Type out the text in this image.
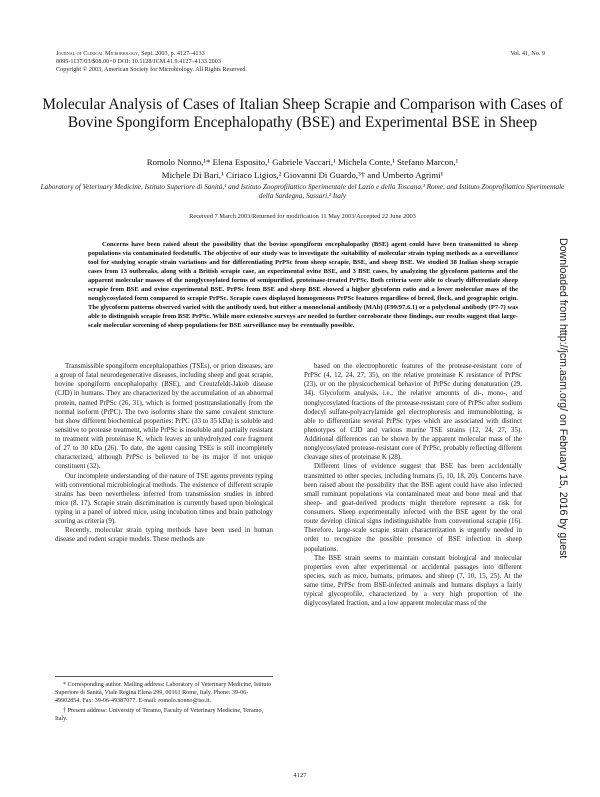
Journal of Clinical Microbiology, Sept. 2003, p. 4127–4133
0095-1137/03/$08.00+0 DOI: 10.1128/JCM.41.9.4127–4133.2003
Copyright © 2003, American Society for Microbiology. All Rights Reserved.
Vol. 41, No. 9
Molecular Analysis of Cases of Italian Sheep Scrapie and Comparison with Cases of Bovine Spongiform Encephalopathy (BSE) and Experimental BSE in Sheep
Romolo Nonno,¹* Elena Esposito,¹ Gabriele Vaccari,¹ Michela Conte,¹ Stefano Marcon,¹
Michele Di Bari,¹ Ciriaco Ligios,² Giovanni Di Guardo,³† and Umberto Agrimi¹
Laboratory of Veterinary Medicine, Istituto Superiore di Sanità,¹ and Istituto Zooprofilattico Sperimentale del Lazio e della Toscana,³ Rome, and Istituto Zooprofilattico Sperimentale della Sardegna, Sassari,² Italy
Received 7 March 2003/Returned for modification 11 May 2003/Accepted 22 June 2003

Concerns have been raised about the possibility that the bovine spongiform encephalopathy (BSE) agent could have been transmitted to sheep populations via contaminated feedstuffs. The objective of our study was to investigate the suitability of molecular strain typing methods as a surveillance tool for studying scrapie strain variations and for differentiating PrPSc from sheep scrapie, BSE, and sheep BSE. We studied 38 Italian sheep scrapie cases from 13 outbreaks, along with a British scrapie case, an experimental ovine BSE, and 3 BSE cases, by analyzing the glycoform patterns and the apparent molecular masses of the nonglycosylated forms of semipurified, proteinase-treated PrPSc. Both criteria were able to clearly differentiate sheep scrapie from BSE and ovine experimental BSE. PrPSc from BSE and sheep BSE showed a higher glycoform ratio and a lower molecular mass of the nonglycosylated form compared to scrapie PrPSc. Scrapie cases displayed homogeneous PrPSc features regardless of breed, flock, and geographic origin. The glycoform patterns observed varied with the antibody used, but either a monoclonal antibody (MAb) (F99/97.6.1) or a polyclonal antibody (P7-7) was able to distinguish scrapie from BSE PrPSc. While more extensive surveys are needed to further corroborate these findings, our results suggest that large-scale molecular screening of sheep populations for BSE surveillance may be eventually possible.

Transmissible spongiform encephalopathies (TSEs), or prion diseases, are a group of fatal neurodegenerative diseases, including sheep and goat scrapie, bovine spongiform encephalopathy (BSE), and Creutzfeldt-Jakob disease (CJD) in humans. They are characterized by the accumulation of an abnormal protein, named PrPSc (26, 31), which is formed posttranslationally from the normal isoform (PrPC). The two isoforms share the same covalent structure but show different biochemical properties: PrPC (33 to 35 kDa) is soluble and sensitive to protease treatment, while PrPSc is insoluble and partially resistant to treatment with proteinase K, which leaves an unhydrolyzed core fragment of 27 to 30 kDa (26). To date, the agent causing TSEs is still incompletely characterized, although PrPSc is believed to be its major if not unique constituent (32).

Our incomplete understanding of the nature of TSE agents prevents typing with conventional microbiological methods. The existence of different scrapie strains has been nevertheless inferred from transmission studies in inbred mice (8, 17). Scrapie strain discrimination is currently based upon biological typing in a panel of inbred mice, using incubation times and brain pathology scoring as criteria (9).

Recently, molecular strain typing methods have been used in human disease and rodent scrapie models. These methods are

based on the electrophoretic features of the protease-resistant core of PrPSc (4, 12, 24, 27, 35), on the relative proteinase K resistance of PrPSc (23), or on the physicochemical behavior of PrPSc during denaturation (29, 34). Glycoform analysis, i.e., the relative amounts of di-, mono-, and nonglycosylated fractions of the protease-resistant core of PrPSc after sodium dodecyl sulfate-polyacrylamide gel electrophoresis and immunoblotting, is able to differentiate several PrPSc types which are associated with distinct phenotypes of CJD and various murine TSE strains (12, 24, 27, 35). Additional differences can be shown by the apparent molecular mass of the nonglycosylated protease-resistant core of PrPSc, probably reflecting different cleavage sites of proteinase K (28).

Different lines of evidence suggest that BSE has been accidentally transmitted to other species, including humans (5, 10, 18, 20). Concerns have been raised about the possibility that the BSE agent could have also infected small ruminant populations via contaminated meat and bone meal and that sheep- and goat-derived products might therefore represent a risk for consumers. Sheep experimentally infected with the BSE agent by the oral route develop clinical signs indistinguishable from conventional scrapie (16). Therefore, large-scale scrapie strain characterization is urgently needed in order to recognize the possible presence of BSE infection in sheep populations.

The BSE strain seems to maintain constant biological and molecular properties even after experimental or accidental passages into different species, such as mice, humans, primates, and sheep (7, 10, 15, 25). At the same time, PrPSc from BSE-infected animals and humans displays a fairly typical glycoprofile, characterized by a very high proportion of the diglycosylated fraction, and a low apparent molecular mass of the

* Corresponding author. Mailing address: Laboratory of Veterinary Medicine, Istituto Superiore di Sanità, Viale Regina Elena 299, 00161 Rome, Italy. Phone: 39-06-49902854. Fax: 39-06-49387077. E-mail: romolo.nonno@iss.it.

† Present address: University of Teramo, Faculty of Veterinary Medicine, Teramo, Italy.

4127
Downloaded from http://jcm.asm.org/ on February 15, 2016 by guest
